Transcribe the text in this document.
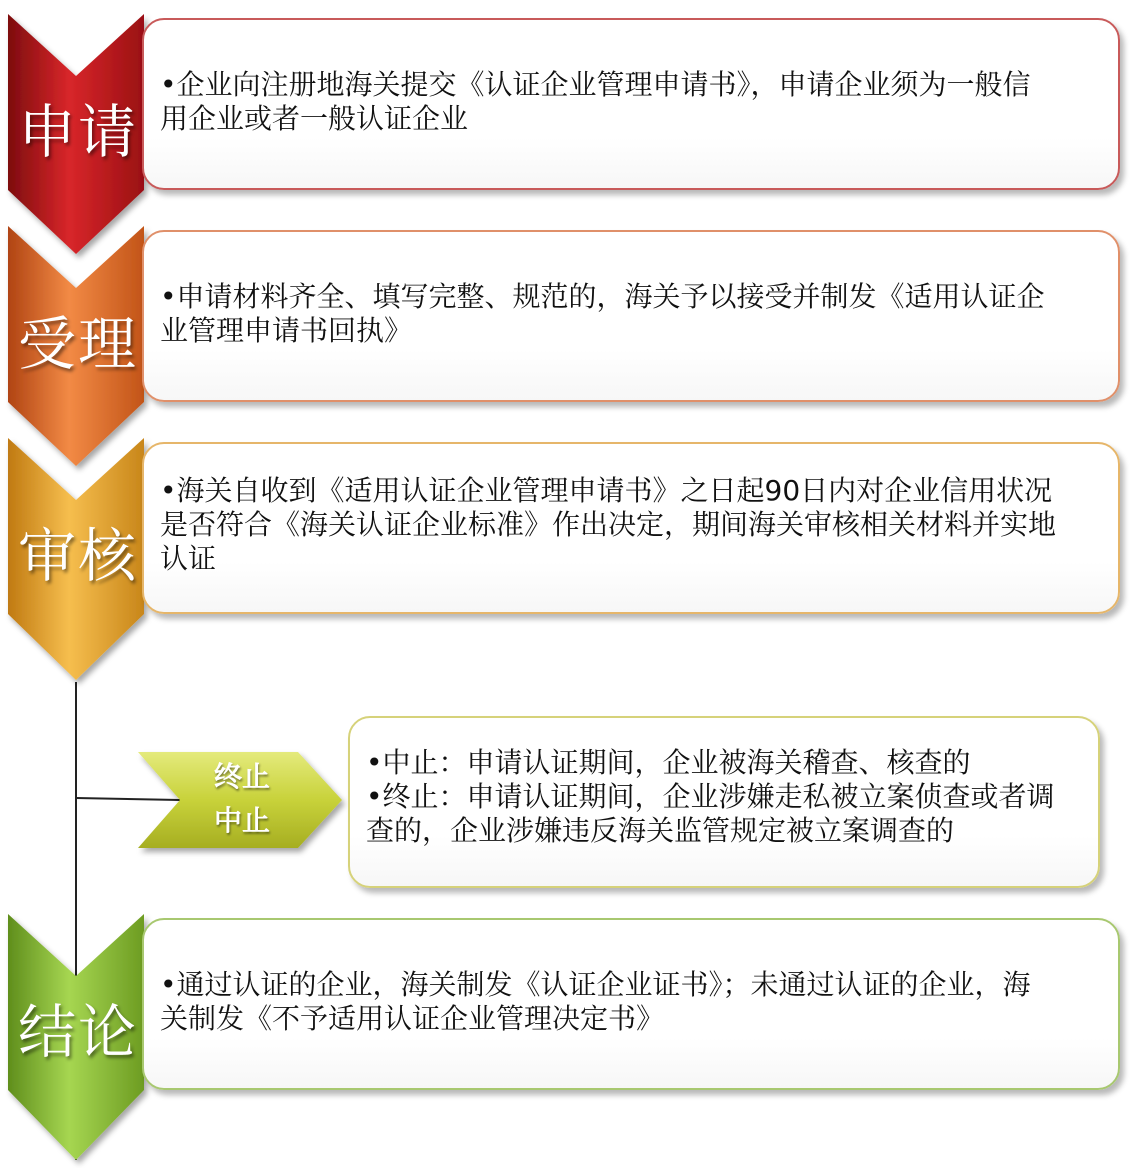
申请
受理
审核
结论
终止
中止
•企业向注册地海关提交《认证企业管理申请书》，申请企业须为一般信
用企业或者一般认证企业
•申请材料齐全、填写完整、规范的，海关予以接受并制发《适用认证企
业管理申请书回执》
•海关自收到《适用认证企业管理申请书》之日起90日内对企业信用状况
是否符合《海关认证企业标准》作出决定，期间海关审核相关材料并实地
认证
•中止：申请认证期间，企业被海关稽查、核查的
•终止：申请认证期间，企业涉嫌走私被立案侦查或者调
查的，企业涉嫌违反海关监管规定被立案调查的
•通过认证的企业，海关制发《认证企业证书》；未通过认证的企业，海
关制发《不予适用认证企业管理决定书》
